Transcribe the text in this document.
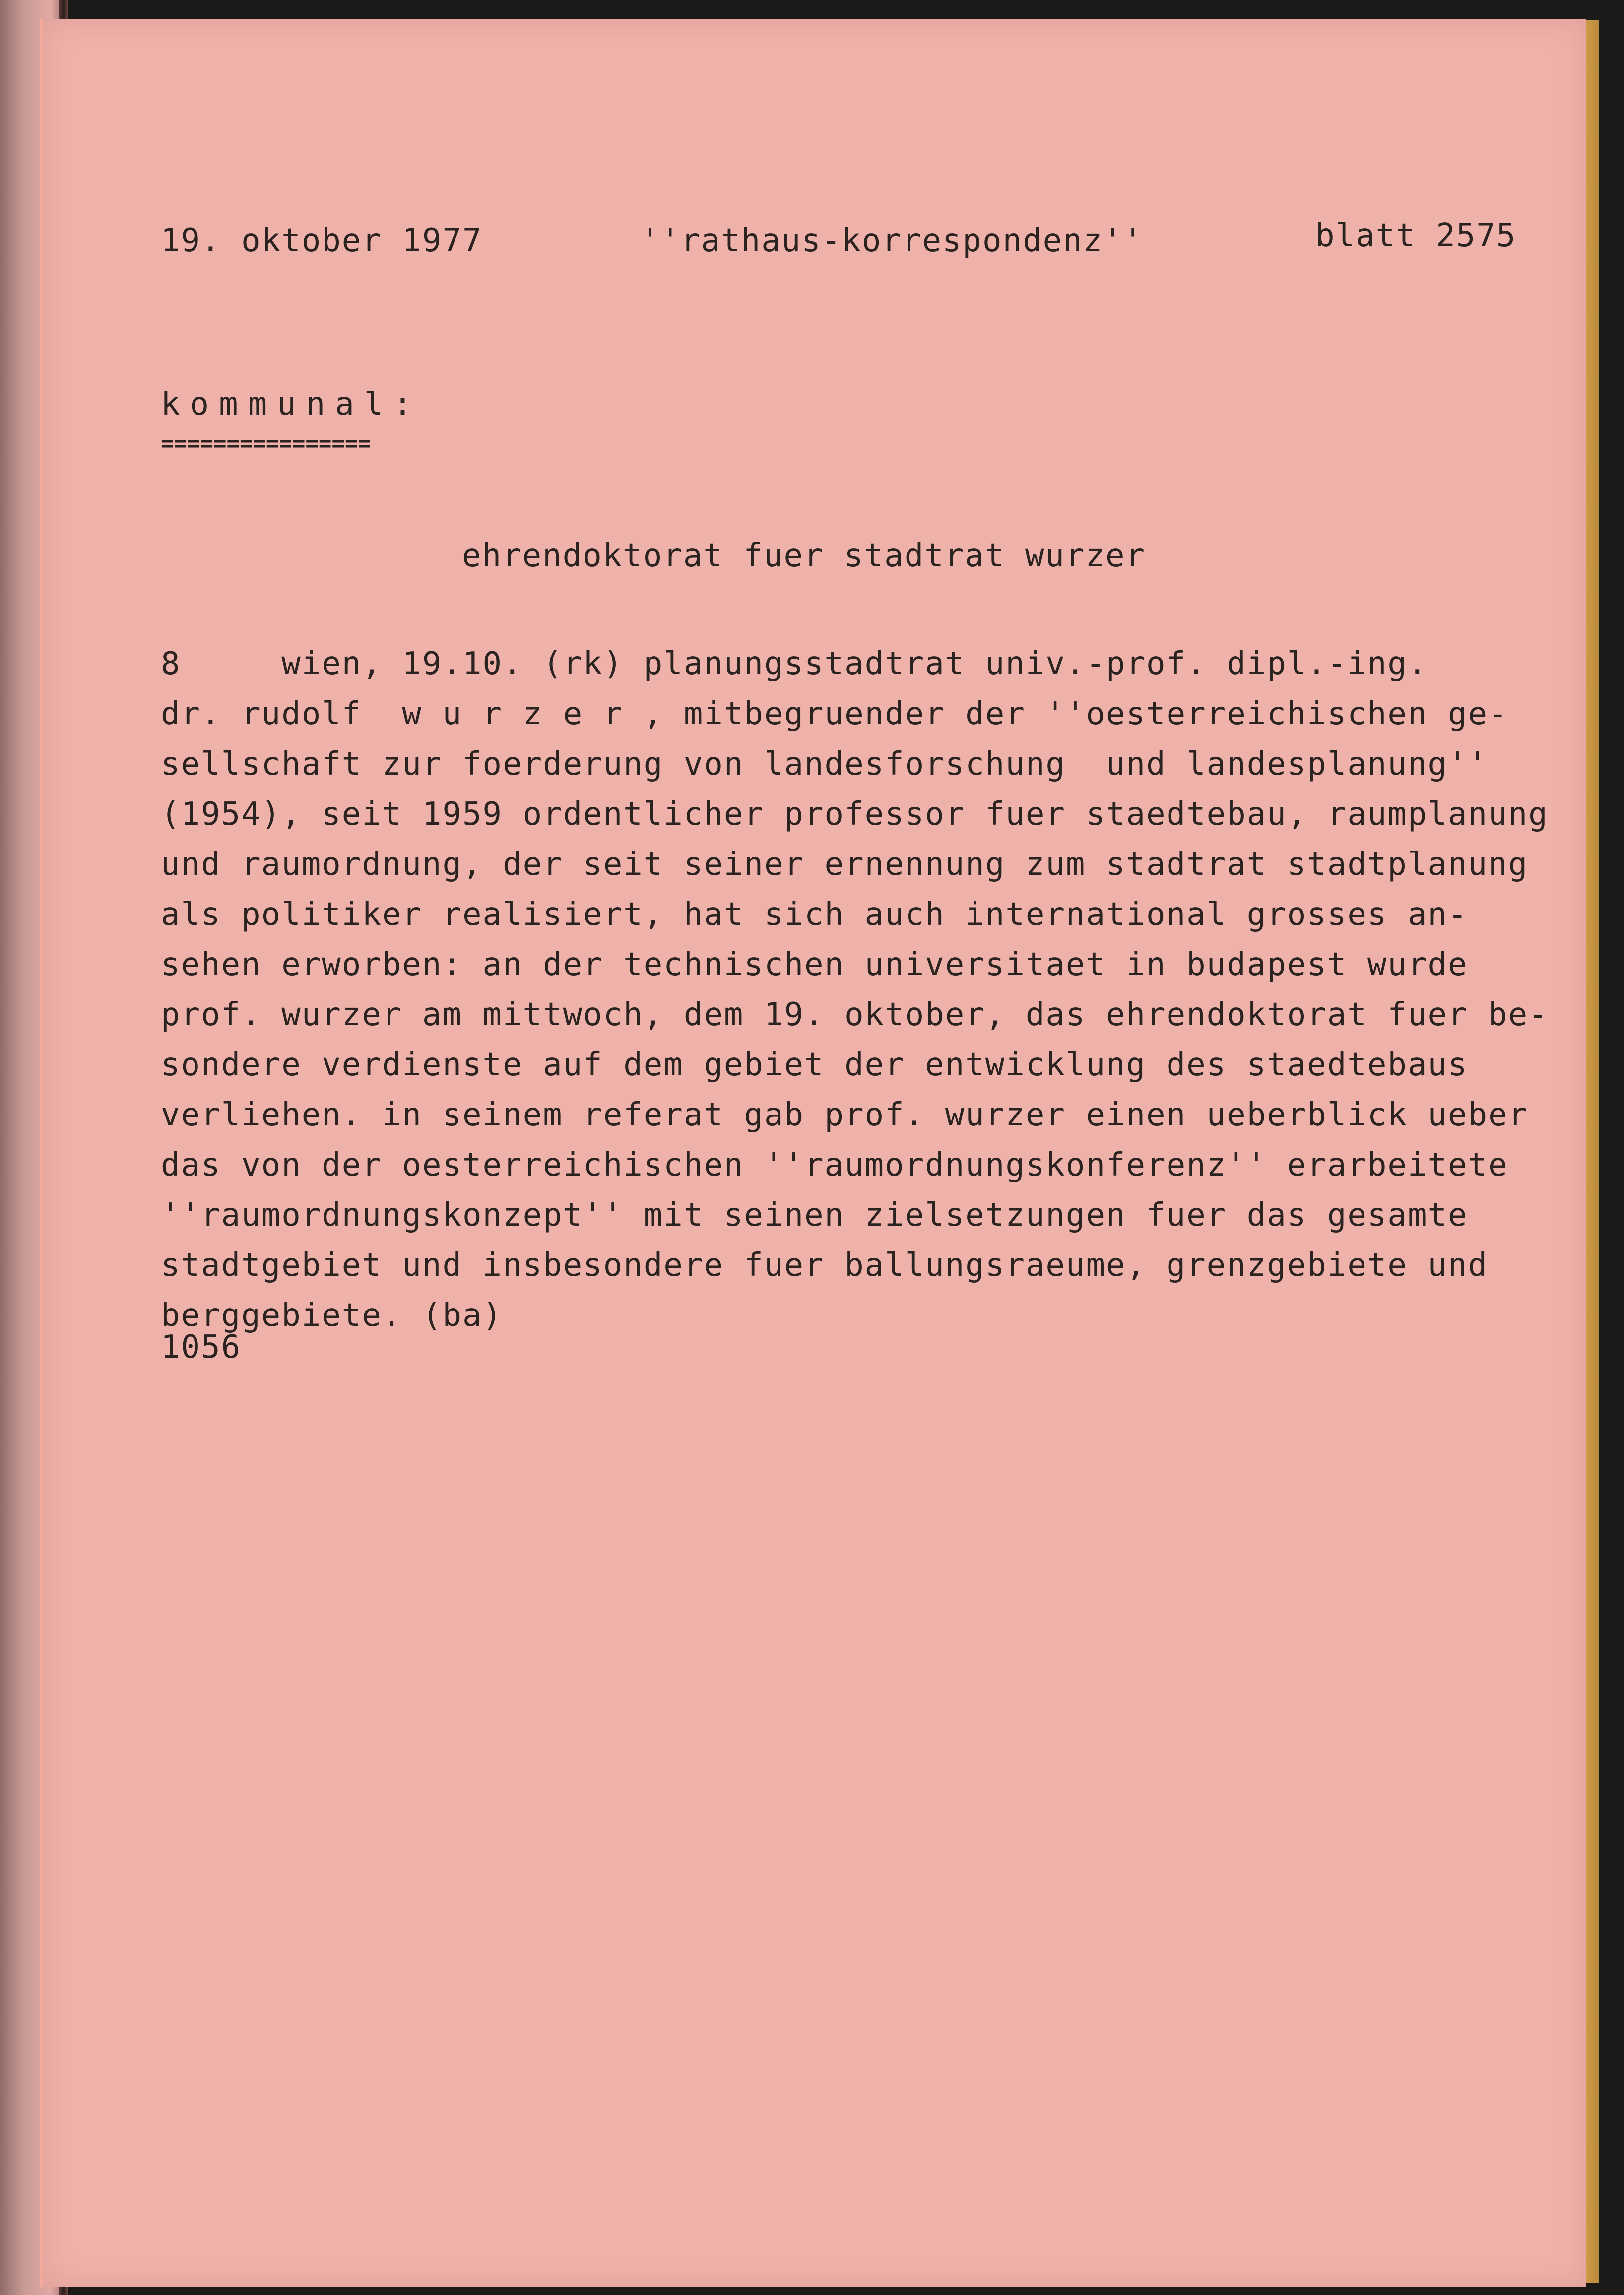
19. oktober 1977	''rathaus-korrespondenz''	blatt 2575
kommunal:
================
ehrendoktorat fuer stadtrat wurzer
8     wien, 19.10. (rk) planungsstadtrat univ.-prof. dipl.-ing.
dr. rudolf  w u r z e r , mitbegruender der ''oesterreichischen ge-
sellschaft zur foerderung von landesforschung  und landesplanung''
(1954), seit 1959 ordentlicher professor fuer staedtebau, raumplanung
und raumordnung, der seit seiner ernennung zum stadtrat stadtplanung
als politiker realisiert, hat sich auch international grosses an-
sehen erworben: an der technischen universitaet in budapest wurde
prof. wurzer am mittwoch, dem 19. oktober, das ehrendoktorat fuer be-
sondere verdienste auf dem gebiet der entwicklung des staedtebaus
verliehen. in seinem referat gab prof. wurzer einen ueberblick ueber
das von der oesterreichischen ''raumordnungskonferenz'' erarbeitete
''raumordnungskonzept'' mit seinen zielsetzungen fuer das gesamte
stadtgebiet und insbesondere fuer ballungsraeume, grenzgebiete und
berggebiete. (ba)
1056
